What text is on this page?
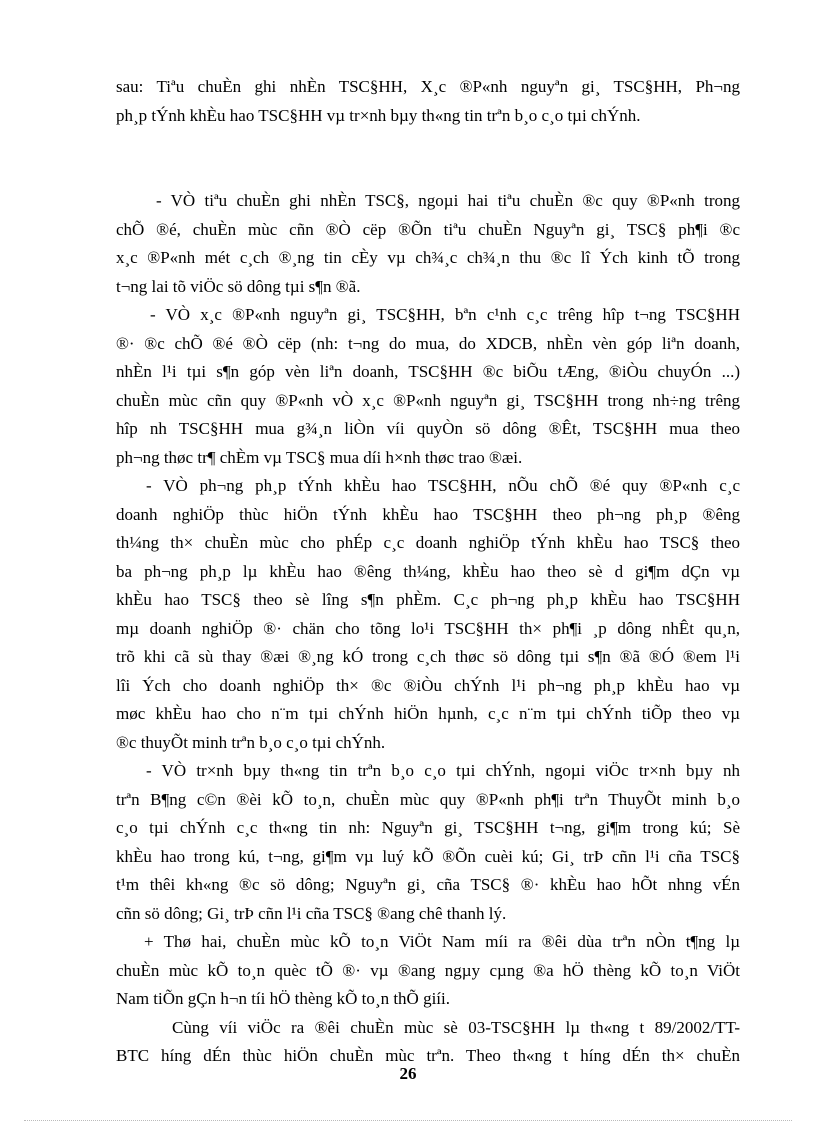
sau: Tiªu chuÈn ghi nhÈn TSC§HH, X¸c ®P«nh nguyªn gi¸ TSC§HH, Ph¬ng
ph¸p tÝnh khÈu hao TSC§HH vµ tr×nh bµy th«ng tin trªn b¸o c¸o tµi chÝnh.
- VÒ tiªu chuÈn ghi nhÈn TSC§, ngoµi hai tiªu chuÈn ®c quy ®P«nh trong
chÕ ®é, chuÈn mùc cñn ®Ò cëp ®Õn tiªu chuÈn Nguyªn gi¸ TSC§ ph¶i ®c
x¸c ®P«nh mét c¸ch ®¸ng tin cÈy vµ ch¾¸c ch¾¸n thu ®c lî Ých kinh tÕ trong
t¬ng lai tõ viÖc sö dông tµi s¶n ®ã.
- VÒ x¸c ®P«nh nguyªn gi¸ TSC§HH, bªn c¹nh c¸c trêng hîp t¬ng TSC§HH
®· ®c chÕ ®é ®Ò cëp (nh: t¬ng do mua, do XDCB, nhÈn vèn góp liªn doanh,
nhÈn l¹i tµi s¶n góp vèn liªn doanh, TSC§HH ®c biÕu tÆng, ®iÒu chuyÓn ...)
chuÈn mùc cñn quy ®P«nh vÒ x¸c ®P«nh nguyªn gi¸ TSC§HH trong nh÷ng trêng
hîp nh TSC§HH mua g¾¸n liÒn víi quyÒn sö dông ®Êt, TSC§HH mua theo
ph¬ng thøc tr¶ chÈm vµ TSC§ mua díi h×nh thøc trao ®æi.
- VÒ ph¬ng ph¸p tÝnh khÈu hao TSC§HH, nÕu chÕ ®é quy ®P«nh c¸c
doanh nghiÖp thùc hiÖn tÝnh khÈu hao TSC§HH theo ph¬ng ph¸p ®êng
th¼ng th× chuÈn mùc cho phÉp c¸c doanh nghiÖp tÝnh khÈu hao TSC§ theo
ba ph¬ng ph¸p lµ khÈu hao ®êng th¼ng, khÈu hao theo sè d gi¶m dÇn vµ
khÈu hao TSC§ theo sè lîng s¶n phÈm. C¸c ph¬ng ph¸p khÈu hao TSC§HH
mµ doanh nghiÖp ®· chän cho tõng lo¹i TSC§HH th× ph¶i ¸p dông nhÊt qu¸n,
trõ khi cã sù thay ®æi ®¸ng kÓ trong c¸ch thøc sö dông tµi s¶n ®ã ®Ó ®em l¹i
lîi Ých cho doanh nghiÖp th× ®c ®iÒu chÝnh l¹i ph¬ng ph¸p khÈu hao vµ
møc khÈu hao cho n¨m tµi chÝnh hiÖn hµnh, c¸c n¨m tµi chÝnh tiÕp theo vµ
®c thuyÕt minh trªn b¸o c¸o tµi chÝnh.
- VÒ tr×nh bµy th«ng tin trªn b¸o c¸o tµi chÝnh, ngoµi viÖc tr×nh bµy nh
trªn B¶ng c©n ®èi kÕ to¸n, chuÈn mùc quy ®P«nh ph¶i trªn ThuyÕt minh b¸o
c¸o tµi chÝnh c¸c th«ng tin nh: Nguyªn gi¸ TSC§HH t¬ng, gi¶m trong kú; Sè
khÈu hao trong kú, t¬ng, gi¶m vµ luý kÕ ®Õn cuèi kú; Gi¸ trÞ cñn l¹i cña TSC§
t¹m thêi kh«ng ®c sö dông; Nguyªn gi¸ cña TSC§ ®· khÈu hao hÕt nhng vÉn
cñn sö dông; Gi¸ trÞ cñn l¹i cña TSC§ ®ang chê thanh lý.
+ Thø hai, chuÈn mùc kÕ to¸n ViÖt Nam míi ra ®êi dùa trªn nÒn t¶ng lµ
chuÈn mùc kÕ to¸n quèc tÕ ®· vµ ®ang ngµy cµng ®a hÖ thèng kÕ to¸n ViÖt
Nam tiÕn gÇn h¬n tíi hÖ thèng kÕ to¸n thÕ giíi.
Cùng víi viÖc ra ®êi chuÈn mùc sè 03-TSC§HH lµ th«ng t 89/2002/TT-
BTC híng dÉn thùc hiÖn chuÈn mùc trªn. Theo th«ng t híng dÉn th× chuÈn
26
